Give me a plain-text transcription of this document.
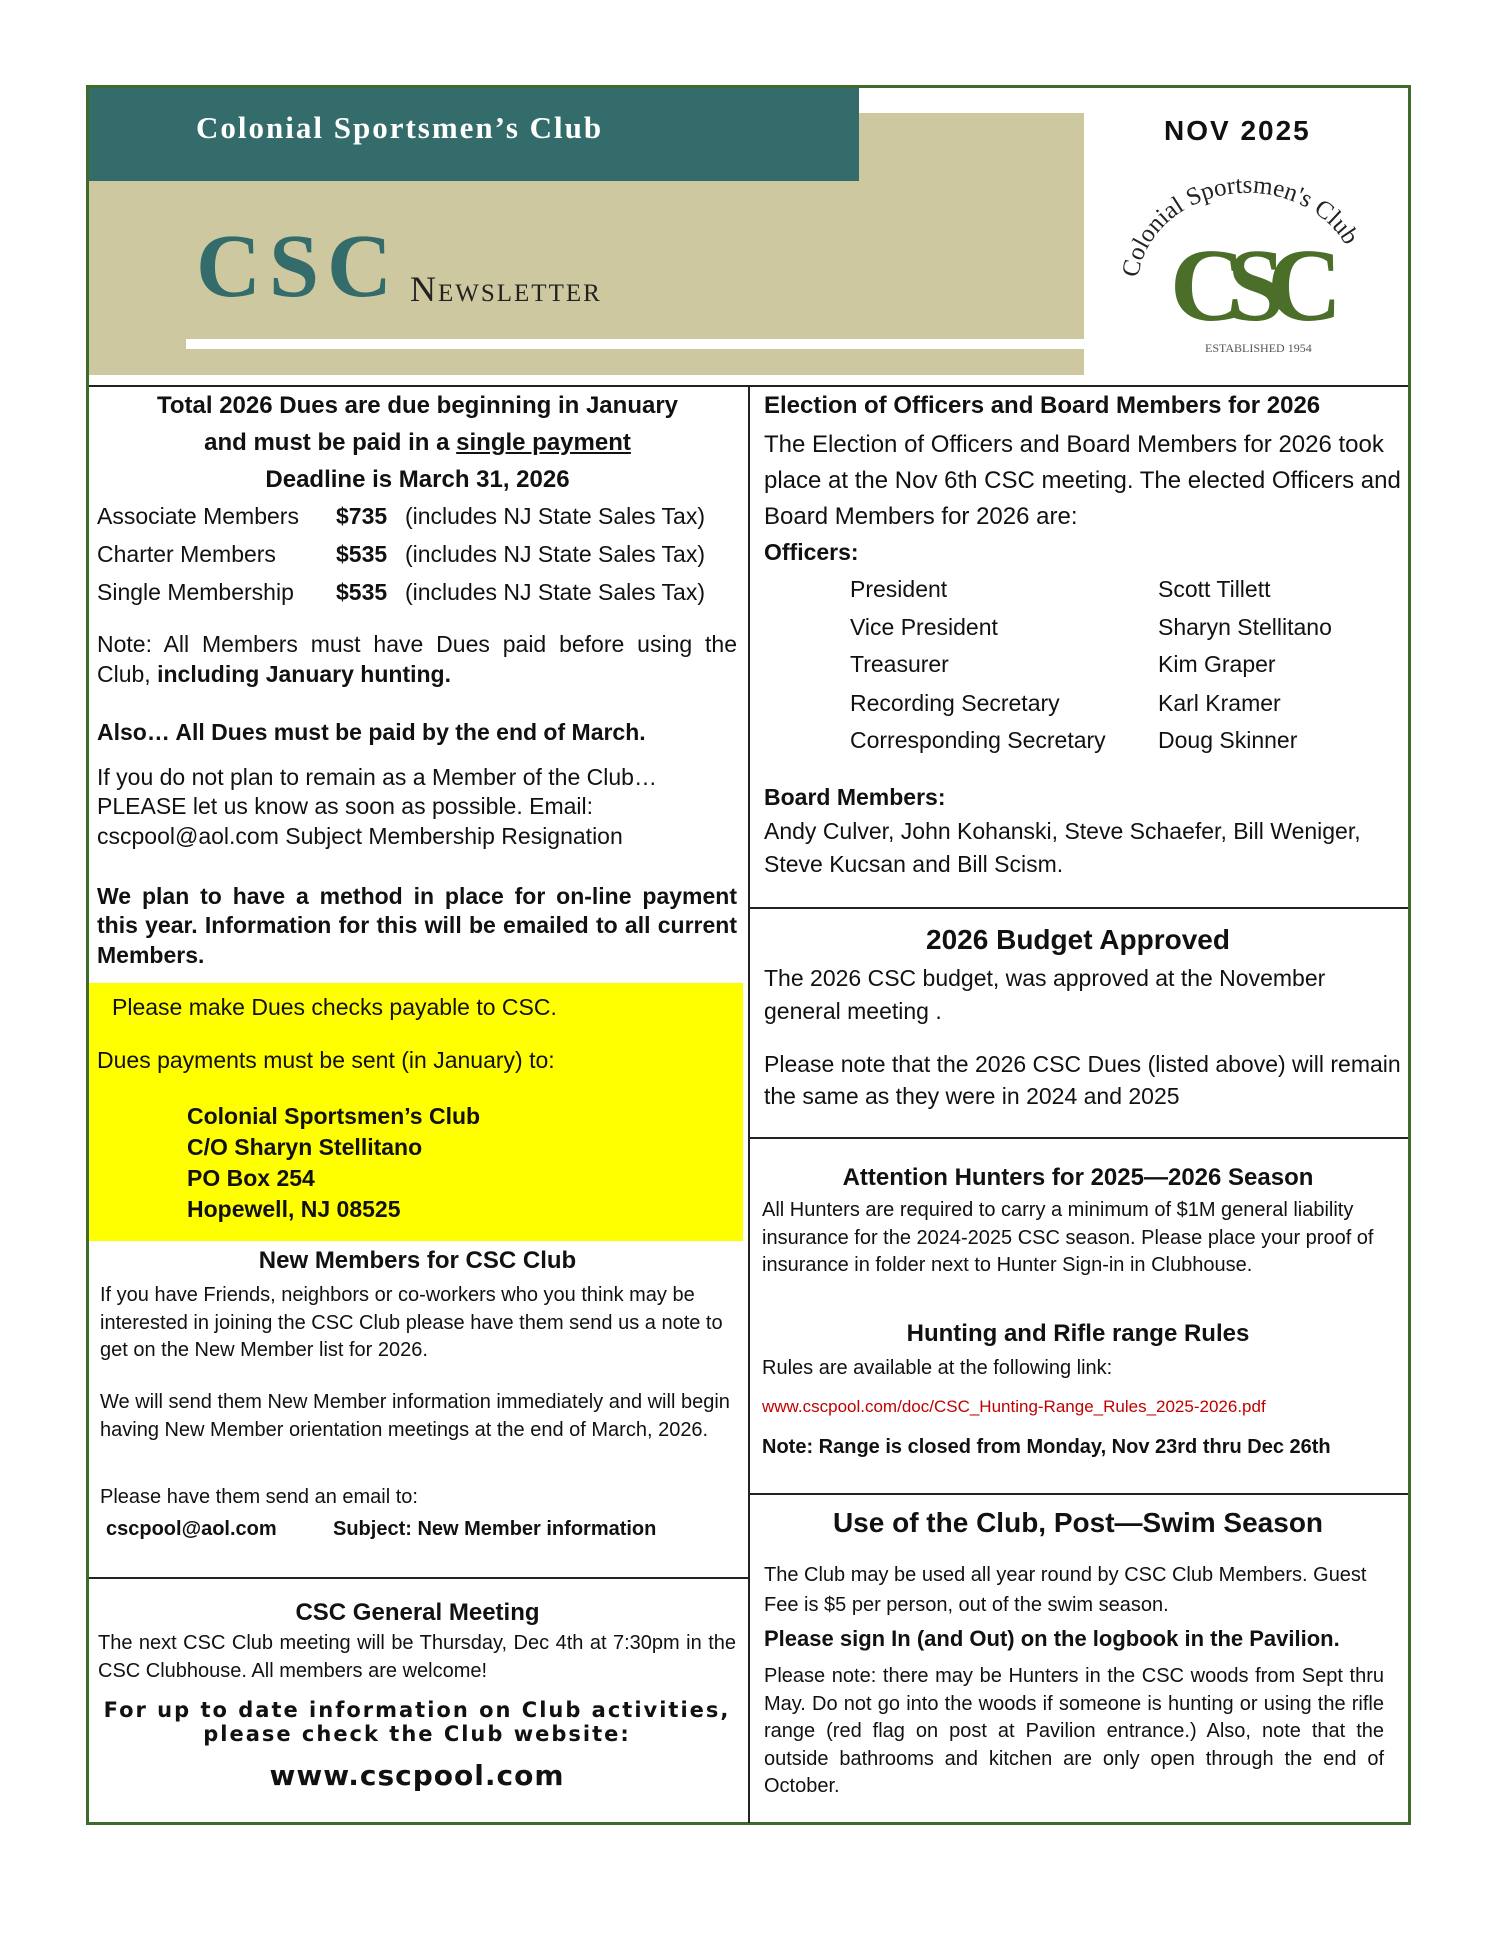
Colonial Sportsmen’s Club
CSC Newsletter
NOV 2025
Colonial Sportsmen's Club
CSC
ESTABLISHED 1954
Total 2026 Dues are due beginning in January
and must be paid in a single payment
Deadline is March 31, 2026
Associate Members $735 (includes NJ State Sales Tax)
Charter Members	$535 (includes NJ State Sales Tax)
Single Membership $535 (includes NJ State Sales Tax)
Note: All Members must have Dues paid before using the Club, including January hunting.
Also… All Dues must be paid by the end of March.
If you do not plan to remain as a Member of the Club…
PLEASE let us know as soon as possible. Email:
cscpool@aol.com Subject Membership Resignation
We plan to have a method in place for on-line payment this year. Information for this will be emailed to all current Members.
Please make Dues checks payable to CSC.
Dues payments must be sent (in January) to:
Colonial Sportsmen’s Club
C/O Sharyn Stellitano
PO Box 254
Hopewell, NJ 08525
New Members for CSC Club
If you have Friends, neighbors or co-workers who you think may be interested in joining the CSC Club please have them send us a note to get on the New Member list for 2026.
We will send them New Member information immediately and will begin having New Member orientation meetings at the end of March, 2026.
Please have them send an email to:
cscpool@aol.com	Subject: New Member information
CSC General Meeting
The next CSC Club meeting will be Thursday, Dec 4th at 7:30pm in the CSC Clubhouse. All members are welcome!
For up to date information on Club activities, please check the Club website:
www.cscpool.com
Election of Officers and Board Members for 2026
The Election of Officers and Board Members for 2026 took place at the Nov 6th CSC meeting. The elected Officers and Board Members for 2026 are:
Officers:
President	Scott Tillett
Vice President	Sharyn Stellitano
Treasurer	Kim Graper
Recording Secretary	Karl Kramer
Corresponding Secretary Doug Skinner
Board Members:
Andy Culver, John Kohanski, Steve Schaefer, Bill Weniger, Steve Kucsan and Bill Scism.
2026 Budget Approved
The 2026 CSC budget, was approved at the November general meeting .
Please note that the 2026 CSC Dues (listed above) will remain the same as they were in 2024 and 2025
Attention Hunters for 2025—2026 Season
All Hunters are required to carry a minimum of $1M general liability insurance for the 2024-2025 CSC season. Please place your proof of insurance in folder next to Hunter Sign-in in Clubhouse.
Hunting and Rifle range Rules
Rules are available at the following link:
www.cscpool.com/doc/CSC_Hunting-Range_Rules_2025-2026.pdf
Note: Range is closed from Monday, Nov 23rd thru Dec 26th
Use of the Club, Post—Swim Season
The Club may be used all year round by CSC Club Members. Guest Fee is $5 per person, out of the swim season.
Please sign In (and Out) on the logbook in the Pavilion.
Please note: there may be Hunters in the CSC woods from Sept thru May. Do not go into the woods if someone is hunting or using the rifle range (red flag on post at Pavilion entrance.) Also, note that the outside bathrooms and kitchen are only open through the end of October.
